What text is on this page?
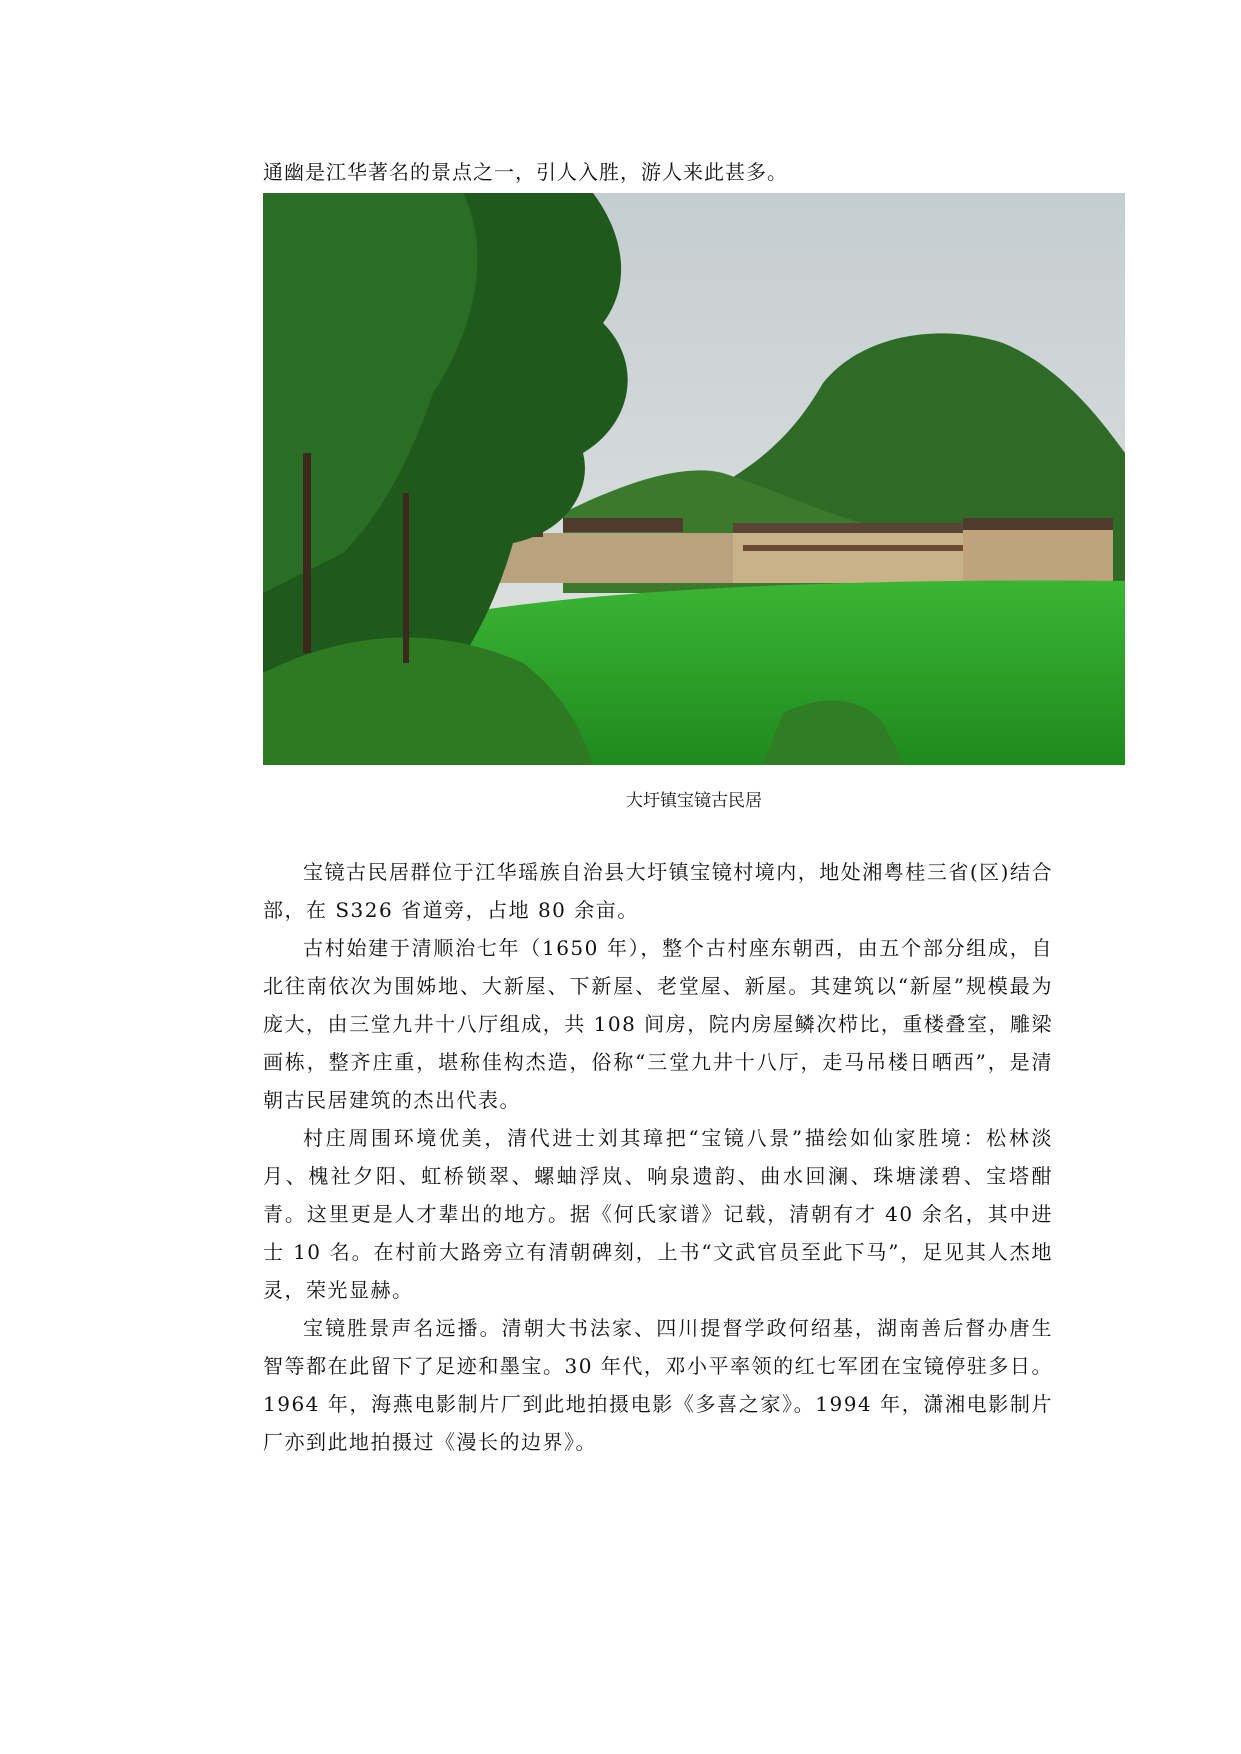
通幽是江华著名的景点之一，引人入胜，游人来此甚多。
大圩镇宝镜古民居

宝镜古民居群位于江华瑶族自治县大圩镇宝镜村境内，地处湘粤桂三省(区)结合部，在 S326 省道旁，占地 80 余亩。

古村始建于清顺治七年（1650 年），整个古村座东朝西，由五个部分组成，自北往南依次为围姊地、大新屋、下新屋、老堂屋、新屋。其建筑以“新屋”规模最为庞大，由三堂九井十八厅组成，共 108 间房，院内房屋鳞次栉比，重楼叠室，雕梁画栋，整齐庄重，堪称佳构杰造，俗称“三堂九井十八厅，走马吊楼日晒西”，是清朝古民居建筑的杰出代表。

村庄周围环境优美，清代进士刘其璋把“宝镜八景”描绘如仙家胜境：松林淡月、槐社夕阳、虹桥锁翠、螺蚰浮岚、响泉遗韵、曲水回澜、珠塘漾碧、宝塔酣青。这里更是人才辈出的地方。据《何氏家谱》记载，清朝有才 40 余名，其中进士 10 名。在村前大路旁立有清朝碑刻，上书“文武官员至此下马”，足见其人杰地灵，荣光显赫。

宝镜胜景声名远播。清朝大书法家、四川提督学政何绍基，湖南善后督办唐生智等都在此留下了足迹和墨宝。30 年代，邓小平率领的红七军团在宝镜停驻多日。1964 年，海燕电影制片厂到此地拍摄电影《多喜之家》。1994 年，潇湘电影制片厂亦到此地拍摄过《漫长的边界》。
